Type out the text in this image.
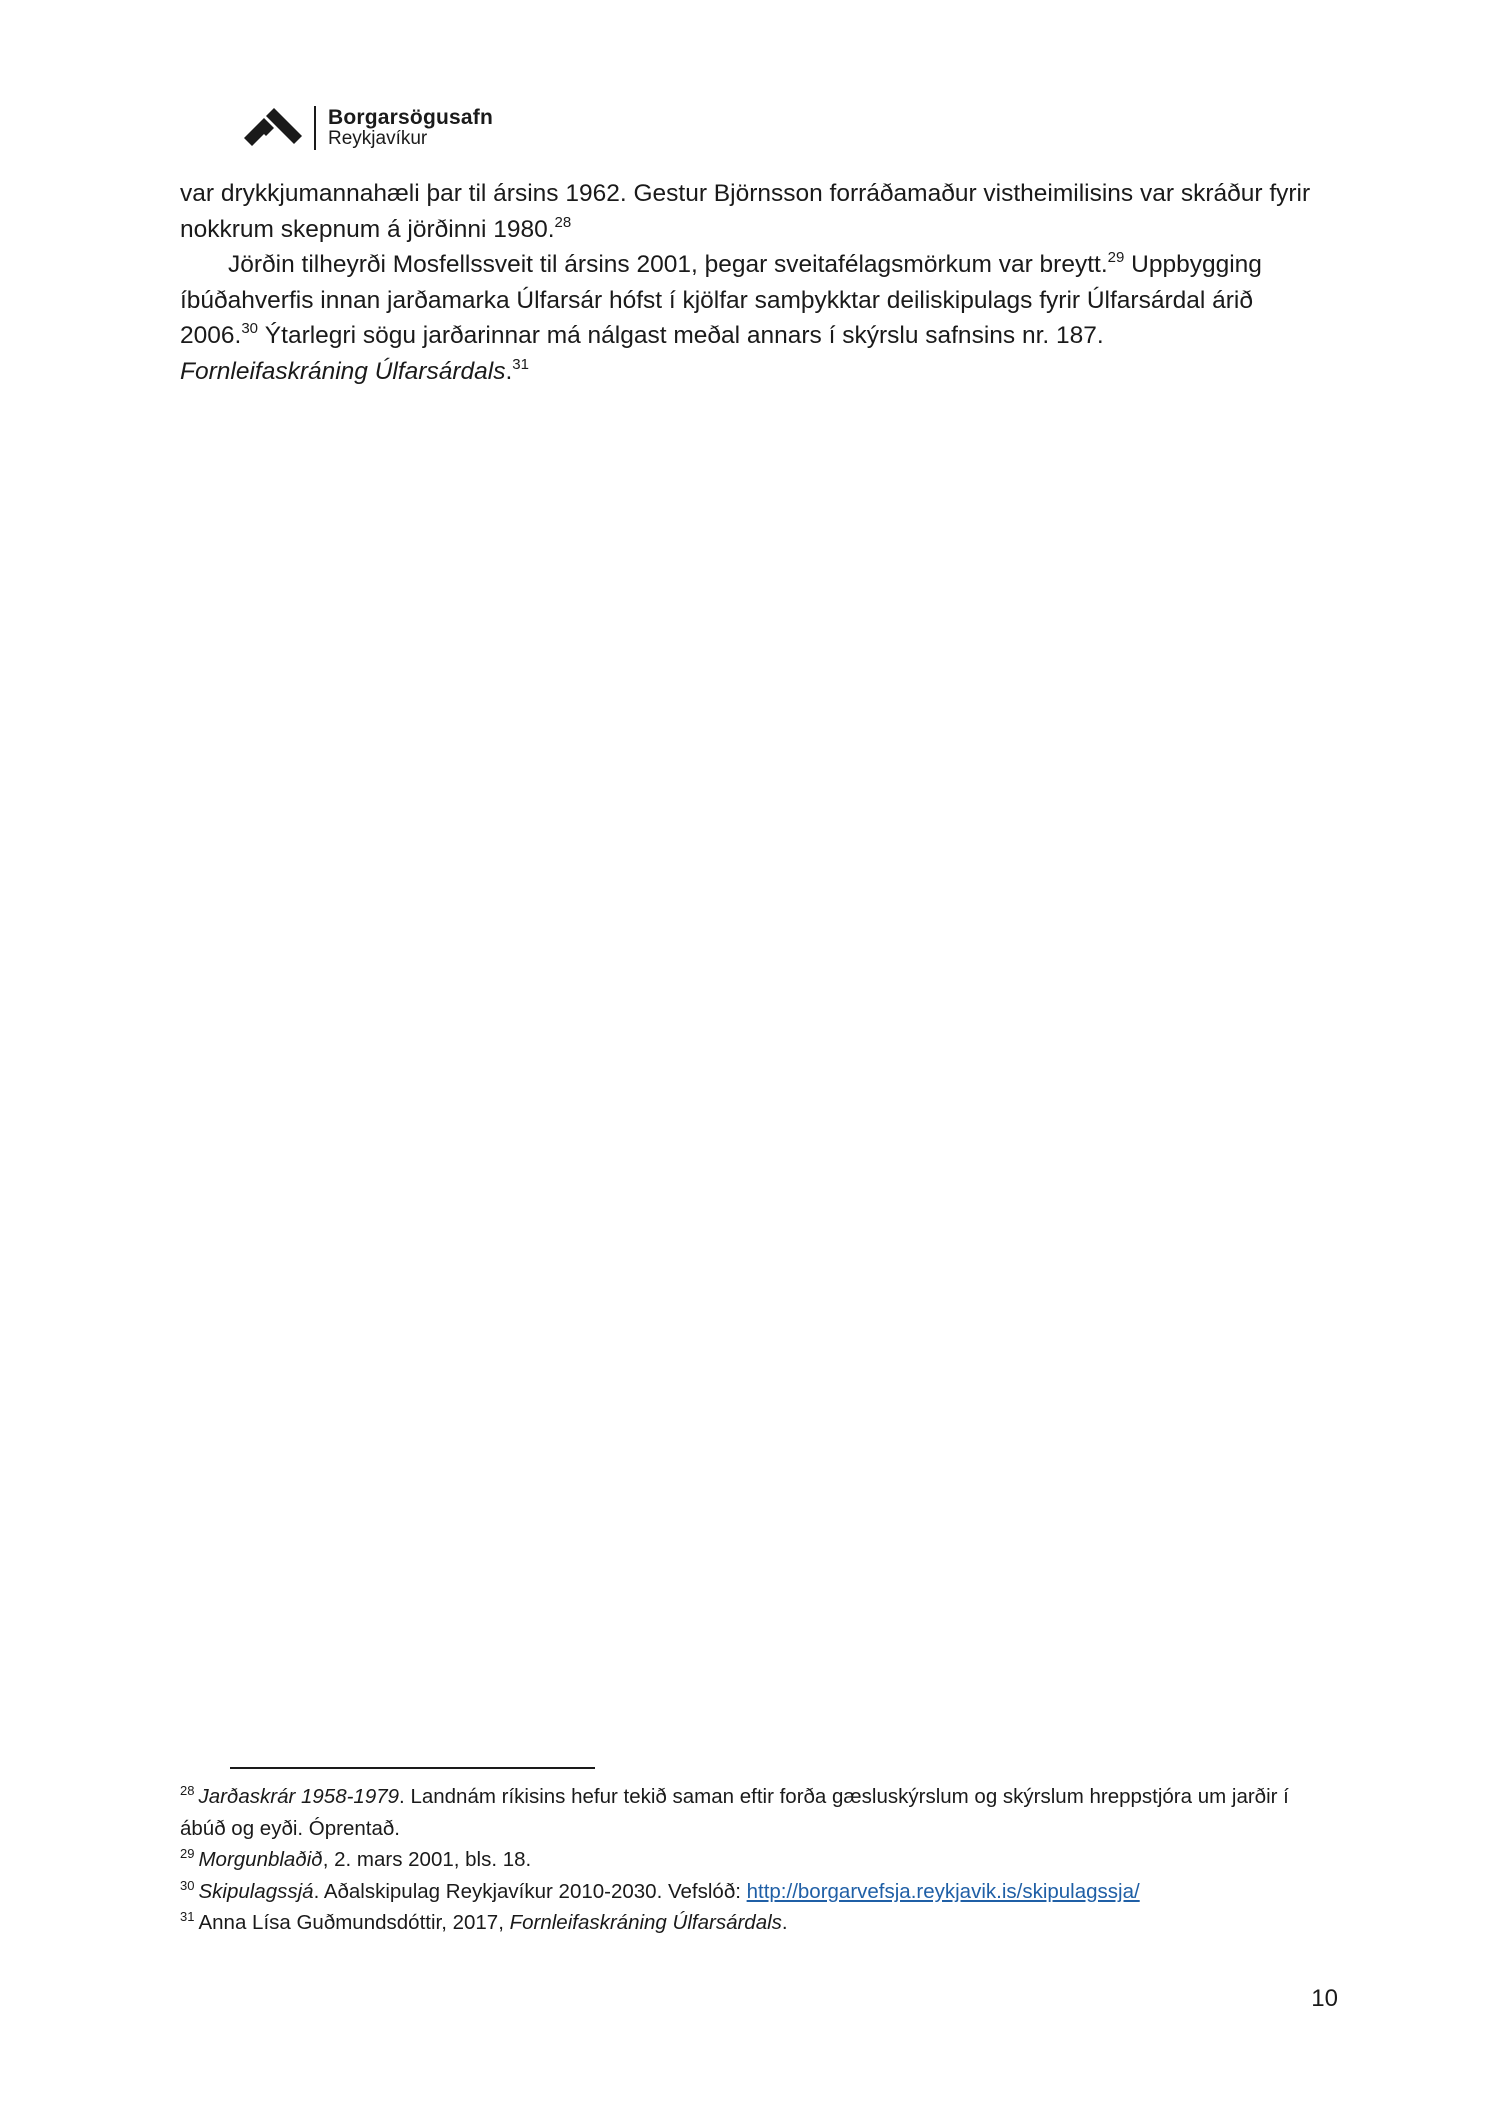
Borgarsögusafn
Reykjavíkur

var drykkjumannahæli þar til ársins 1962. Gestur Björnsson forráðamaður vistheimilisins var skráður fyrir nokkrum skepnum á jörðinni 1980.28

Jörðin tilheyrði Mosfellssveit til ársins 2001, þegar sveitafélagsmörkum var breytt.$^{29}$ Uppbygging íbúðahverfis innan jarðamarka Úlfarsár hófst í kjölfar samþykktar deiliskipulags fyrir Úlfarsárdal árið 2006.30 Ýtarlegri sögu jarðarinnar má nálgast meðal annars í skýrslu safnsins nr. 187.
Fornleifaskráning Úlfarsárdals.$^{31}$

$^{28}$ Jarðaskrár 1958-1979. Landnám ríkisins hefur tekið saman eftir forða gæsluskýrslum og skýrslum hreppstjóra um jarðir í ábúð og eyði. Óprentað.

$^{29}$ Morgunblaðið, 2. mars 2001, bls. 18.

$^{30}$ Skipulagssjá. Aðalskipulag Reykjavíkur 2010-2030. Vefslóð: http://borgarvefsja.reykjavik.is/skipulagssja/

$^{31}$ Anna Lísa Guðmundsdóttir, 2017, Fornleifaskráning Úlfarsárdals.

10
